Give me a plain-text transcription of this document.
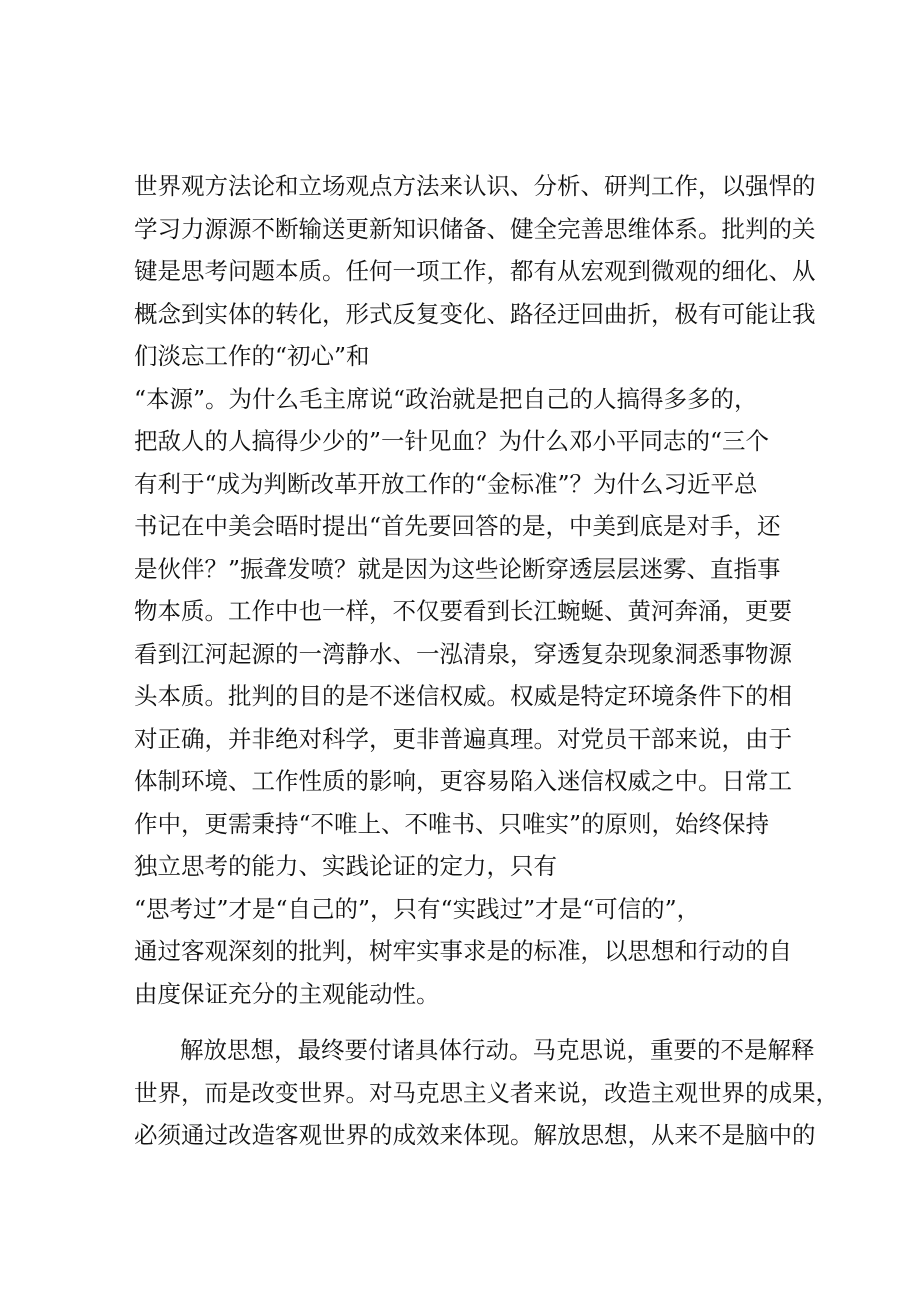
世界观方法论和立场观点方法来认识、分析、研判工作，以强悍的
学习力源源不断输送更新知识储备、健全完善思维体系。批判的关
键是思考问题本质。任何一项工作，都有从宏观到微观的细化、从
概念到实体的转化，形式反复变化、路径迂回曲折，极有可能让我
们淡忘工作的“初心”和
“本源”。为什么毛主席说“政治就是把自己的人搞得多多的，
把敌人的人搞得少少的”一针见血？为什么邓小平同志的“三个
有利于“成为判断改革开放工作的“金标准”？为什么习近平总
书记在中美会晤时提出“首先要回答的是，中美到底是对手，还
是伙伴？”振聋发喷？就是因为这些论断穿透层层迷雾、直指事
物本质。工作中也一样，不仅要看到长江蜿蜒、黄河奔涌，更要
看到江河起源的一湾静水、一泓清泉，穿透复杂现象洞悉事物源
头本质。批判的目的是不迷信权威。权威是特定环境条件下的相
对正确，并非绝对科学，更非普遍真理。对党员干部来说，由于
体制环境、工作性质的影响，更容易陷入迷信权威之中。日常工
作中，更需秉持“不唯上、不唯书、只唯实”的原则，始终保持
独立思考的能力、实践论证的定力，只有
“思考过”才是“自己的”，只有“实践过”才是“可信的”，
通过客观深刻的批判，树牢实事求是的标准，以思想和行动的自
由度保证充分的主观能动性。
解放思想，最终要付诸具体行动。马克思说，重要的不是解释
世界，而是改变世界。对马克思主义者来说，改造主观世界的成果，
必须通过改造客观世界的成效来体现。解放思想，从来不是脑中的
